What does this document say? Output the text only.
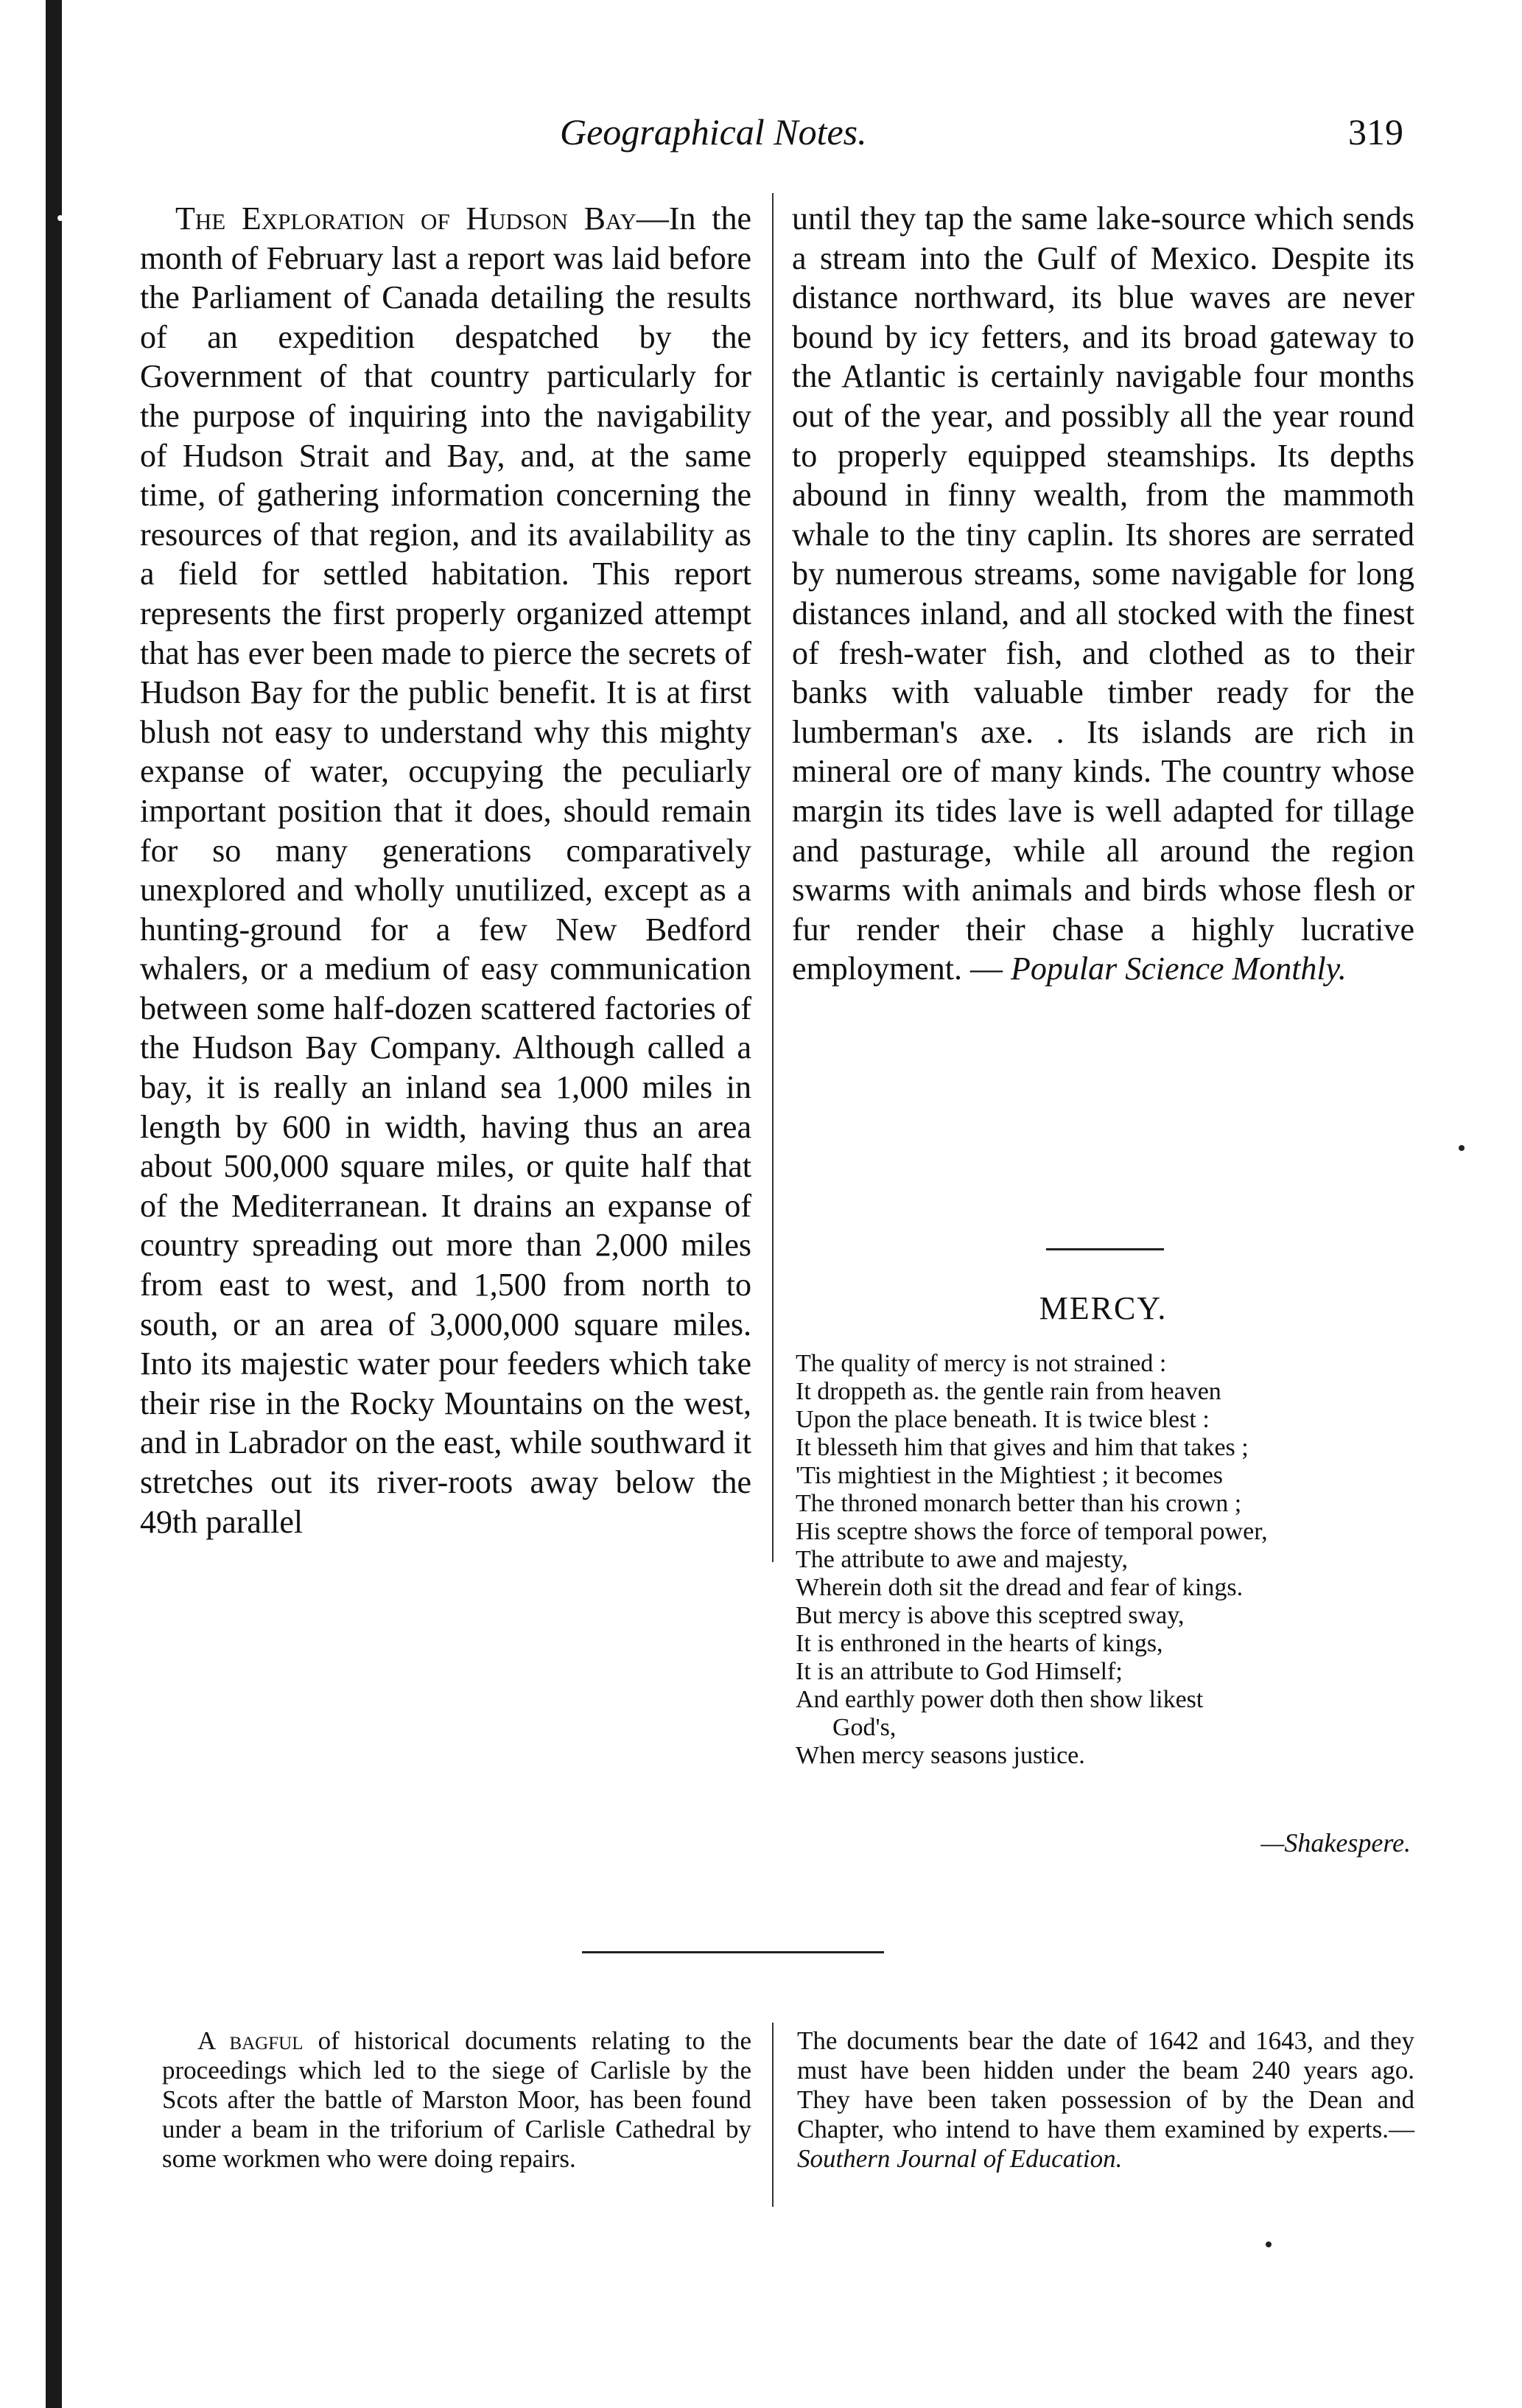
Geographical Notes.	319

The Exploration of Hudson Bay—In the month of February last a report was laid before the Parliament of Canada detailing the results of an expedition despatched by the Government of that country particularly for the purpose of inquiring into the navigability of Hudson Strait and Bay, and, at the same time, of gathering information concerning the resources of that region, and its availability as a field for settled habitation. This report represents the first properly organized attempt that has ever been made to pierce the secrets of Hudson Bay for the public benefit. It is at first blush not easy to understand why this mighty expanse of water, occupying the peculiarly important position that it does, should remain for so many generations comparatively unexplored and wholly unutilized, except as a hunting-ground for a few New Bedford whalers, or a medium of easy communication between some half-dozen scattered factories of the Hudson Bay Company. Although called a bay, it is really an inland sea 1,000 miles in length by 600 in width, having thus an area about 500,000 square miles, or quite half that of the Mediterranean. It drains an expanse of country spreading out more than 2,000 miles from east to west, and 1,500 from north to south, or an area of 3,000,000 square miles. Into its majestic water pour feeders which take their rise in the Rocky Mountains on the west, and in Labrador on the east, while southward it stretches out its river-roots away below the 49th parallel

until they tap the same lake-source which sends a stream into the Gulf of Mexico. Despite its distance northward, its blue waves are never bound by icy fetters, and its broad gateway to the Atlantic is certainly navigable four months out of the year, and possibly all the year round to properly equipped steamships. Its depths abound in finny wealth, from the mammoth whale to the tiny caplin. Its shores are serrated by numerous streams, some navigable for long distances inland, and all stocked with the finest of fresh-water fish, and clothed as to their banks with valuable timber ready for the lumberman's axe. . Its islands are rich in mineral ore of many kinds. The country whose margin its tides lave is well adapted for tillage and pasturage, while all around the region swarms with animals and birds whose flesh or fur render their chase a highly lucrative employment. — Popular Science Monthly.

MERCY.
The quality of mercy is not strained :
It droppeth as. the gentle rain from heaven
Upon the place beneath. It is twice blest :
It blesseth him that gives and him that takes ;
'Tis mightiest in the Mightiest ; it becomes
The throned monarch better than his crown ;
His sceptre shows the force of temporal power,
The attribute to awe and majesty,
Wherein doth sit the dread and fear of kings.
But mercy is above this sceptred sway,
It is enthroned in the hearts of kings,
It is an attribute to God Himself;
And earthly power doth then show likest
God's,
When mercy seasons justice.
—Shakespere.

A bagful of historical documents relating to the proceedings which led to the siege of Carlisle by the Scots after the battle of Marston Moor, has been found under a beam in the triforium of Carlisle Cathedral by some workmen who were doing repairs.

The documents bear the date of 1642 and 1643, and they must have been hidden under the beam 240 years ago. They have been taken possession of by the Dean and Chapter, who intend to have them examined by experts.—Southern Journal of Education.
